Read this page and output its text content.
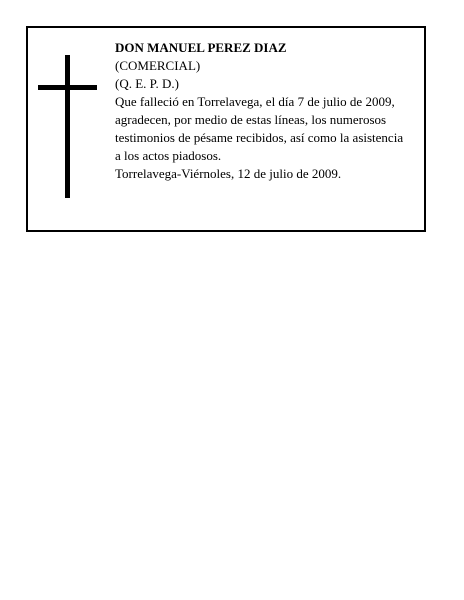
DON MANUEL PEREZ DIAZ
(COMERCIAL)
(Q. E. P. D.)
Que falleció en Torrelavega, el día 7 de julio de 2009,
agradecen, por medio de estas líneas, los numerosos
testimonios de pésame recibidos, así como la asistencia
a los actos piadosos.
Torrelavega-Viérnoles, 12 de julio de 2009.
